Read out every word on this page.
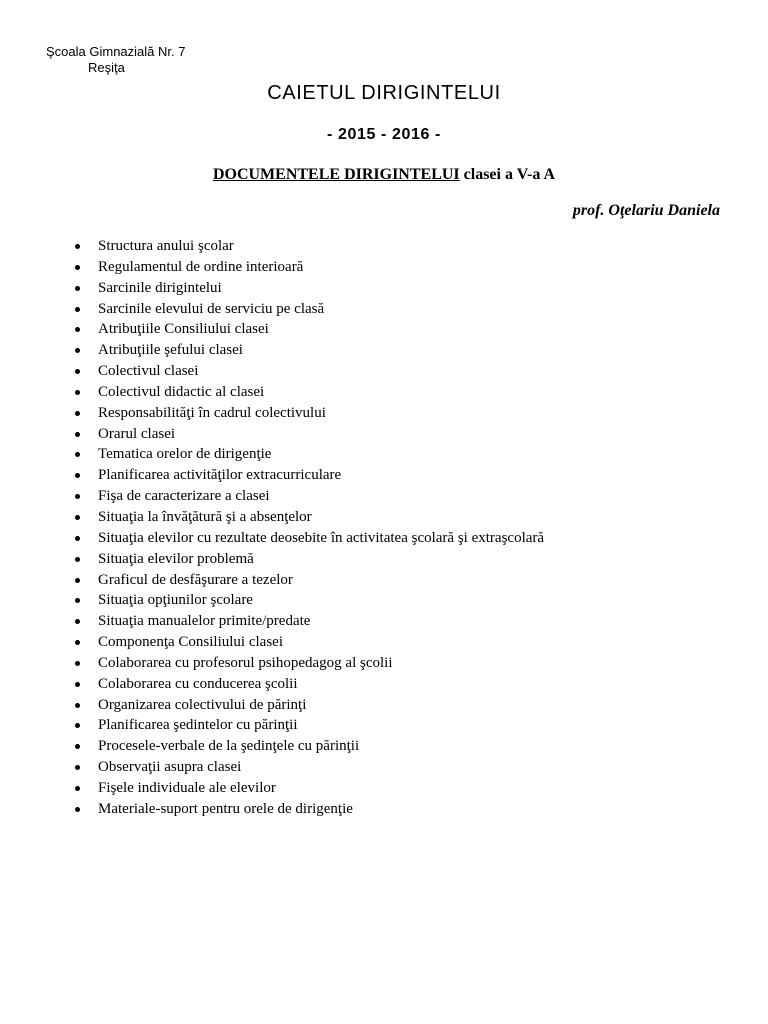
Şcoala Gimnazială Nr. 7
Reşiţa
CAIETUL DIRIGINTELUI
- 2015 - 2016 -
DOCUMENTELE DIRIGINTELUI clasei a V-a A
prof. Oţelariu Daniela
Structura anului şcolar
Regulamentul de ordine interioară
Sarcinile dirigintelui
Sarcinile elevului de serviciu pe clasă
Atribuţiile Consiliului clasei
Atribuţiile şefului clasei
Colectivul clasei
Colectivul didactic al clasei
Responsabilităţi în cadrul colectivului
Orarul clasei
Tematica orelor de dirigenţie
Planificarea activităţilor extracurriculare
Fişa de caracterizare a clasei
Situaţia la învăţătură şi a absenţelor
Situaţia elevilor cu rezultate deosebite în activitatea şcolară şi extraşcolară
Situaţia elevilor problemă
Graficul de desfăşurare a tezelor
Situaţia opţiunilor şcolare
Situaţia manualelor primite/predate
Componenţa Consiliului clasei
Colaborarea cu profesorul psihopedagog al şcolii
Colaborarea cu conducerea şcolii
Organizarea colectivului de părinţi
Planificarea şedintelor cu părinţii
Procesele-verbale de la şedinţele cu părinţii
Observaţii asupra clasei
Fişele individuale ale elevilor
Materiale-suport pentru orele de dirigenţie
